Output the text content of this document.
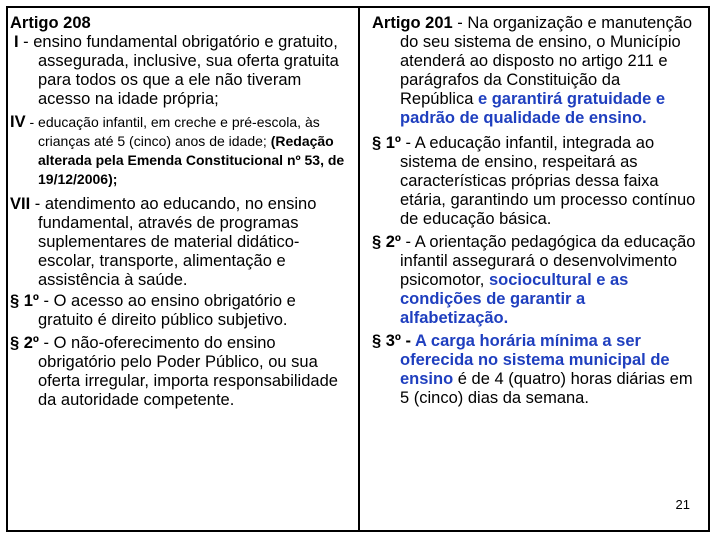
Artigo 208

I - ensino fundamental obrigatório e gratuito, assegurada, inclusive, sua oferta gratuita para todos os que a ele não tiveram acesso na idade própria;

IV - educação infantil, em creche e pré-escola, às crianças até 5 (cinco) anos de idade; (Redação alterada pela Emenda Constitucional nº 53, de 19/12/2006);

VII - atendimento ao educando, no ensino fundamental, através de programas suplementares de material didático-escolar, transporte, alimentação e assistência à saúde.

§ 1º - O acesso ao ensino obrigatório e gratuito é direito público subjetivo.

§ 2º - O não-oferecimento do ensino obrigatório pelo Poder Público, ou sua oferta irregular, importa responsabilidade da autoridade competente.

Artigo 201 - Na organização e manutenção do seu sistema de ensino, o Município atenderá ao disposto no artigo 211 e parágrafos da Constituição da República e garantirá gratuidade e padrão de qualidade de ensino.

§ 1º - A educação infantil, integrada ao sistema de ensino, respeitará as características próprias dessa faixa etária, garantindo um processo contínuo de educação básica.

§ 2º - A orientação pedagógica da educação infantil assegurará o desenvolvimento psicomotor, sociocultural e as condições de garantir a alfabetização.

§ 3º - A carga horária mínima a ser oferecida no sistema municipal de ensino é de 4 (quatro) horas diárias em 5 (cinco) dias da semana.

21
